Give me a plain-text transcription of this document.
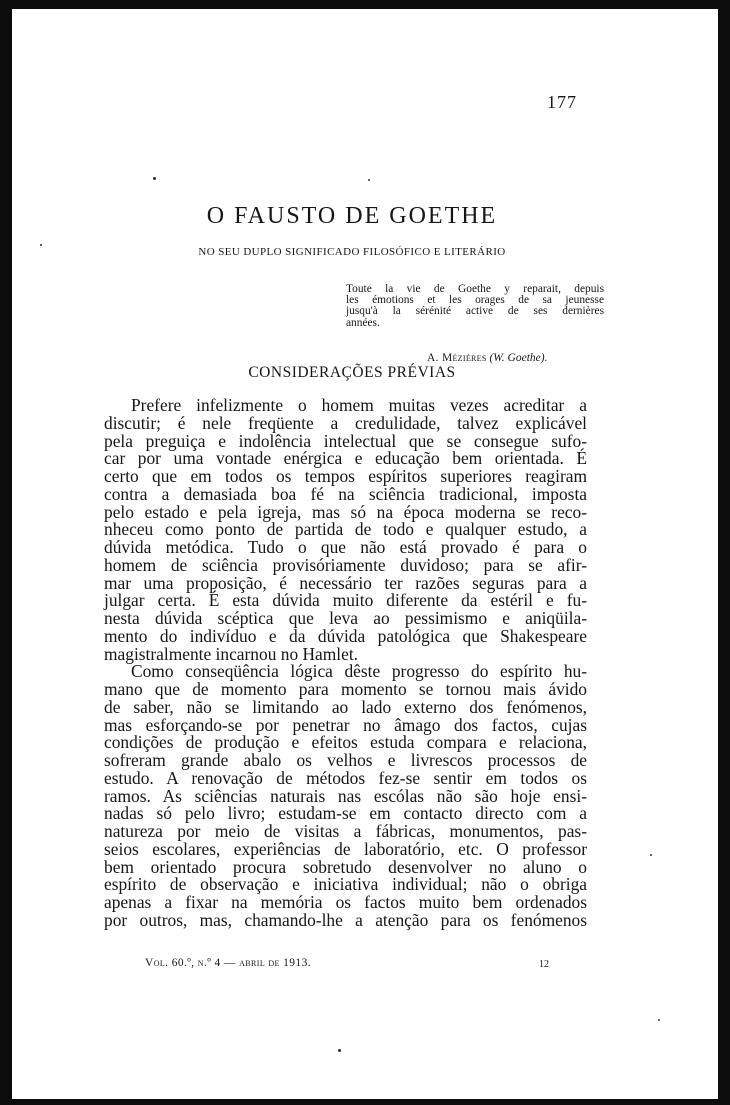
177
O FAUSTO DE GOETHE

NO SEU DUPLO SIGNIFICADO FILOSÓFICO E LITERÁRIO

Toute la vie de Goethe y reparait, depuis
les émotions et les orages de sa jeunesse
jusqu'à la sérénité active de ses dernières
années.
A. Mézières (W. Goethe).
CONSIDERAÇÕES PRÉVIAS
Prefere infelizmente o homem muitas vezes acreditar a
discutir; é nele freqüente a credulidade, talvez explicável
pela preguiça e indolência intelectual que se consegue sufo-
car por uma vontade enérgica e educação bem orientada. É
certo que em todos os tempos espíritos superiores reagiram
contra a demasiada boa fé na sciência tradicional, imposta
pelo estado e pela igreja, mas só na época moderna se reco-
nheceu como ponto de partida de todo e qualquer estudo, a
dúvida metódica. Tudo o que não está provado é para o
homem de sciência provisóriamente duvidoso; para se afir-
mar uma proposição, é necessário ter razões seguras para a
julgar certa. É esta dúvida muito diferente da estéril e fu-
nesta dúvida scéptica que leva ao pessimismo e aniqüila-
mento do indivíduo e da dúvida patológica que Shakespeare
magistralmente incarnou no Hamlet.
Como conseqüência lógica dêste progresso do espírito hu-
mano que de momento para momento se tornou mais ávido
de saber, não se limitando ao lado externo dos fenómenos,
mas esforçando-se por penetrar no âmago dos factos, cujas
condições de produção e efeitos estuda compara e relaciona,
sofreram grande abalo os velhos e livrescos processos de
estudo. A renovação de métodos fez-se sentir em todos os
ramos. As sciências naturais nas escólas não são hoje ensi-
nadas só pelo livro; estudam-se em contacto directo com a
natureza por meio de visitas a fábricas, monumentos, pas-
seios escolares, experiências de laboratório, etc. O professor
bem orientado procura sobretudo desenvolver no aluno o
espírito de observação e iniciativa individual; não o obriga
apenas a fixar na memória os factos muito bem ordenados
por outros, mas, chamando-lhe a atenção para os fenómenos
Vol. 60.º, n.º 4 — abril de 1913.	12
